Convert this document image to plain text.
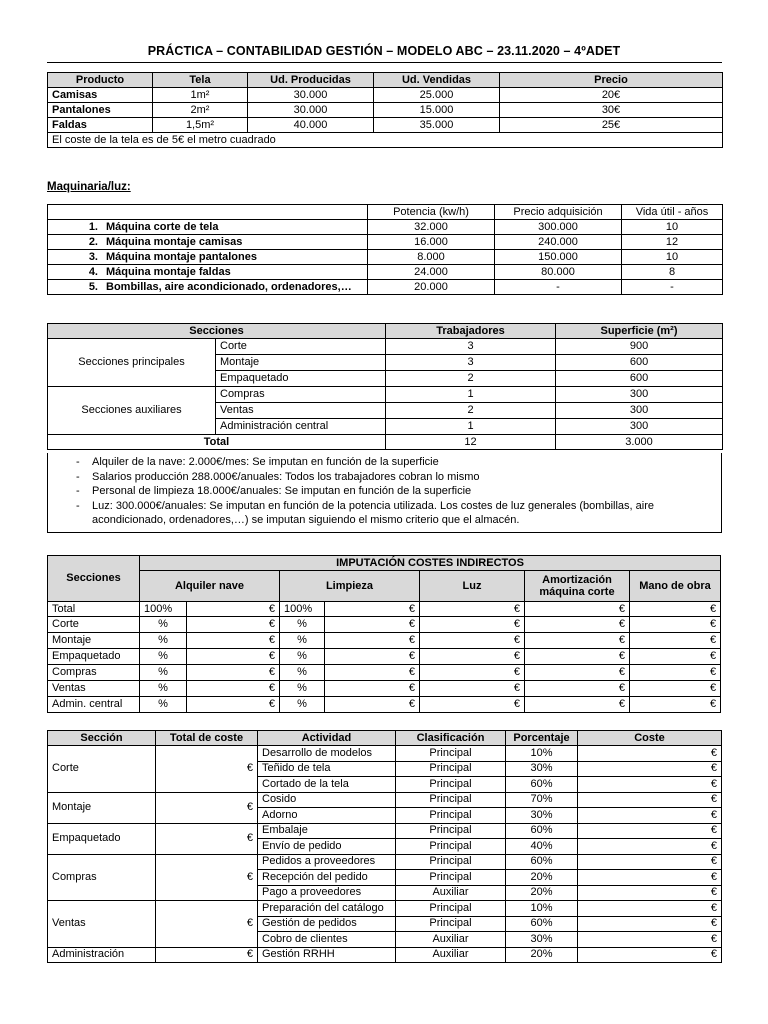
PRÁCTICA – CONTABILIDAD GESTIÓN – MODELO ABC – 23.11.2020 – 4ºADET
Producto	Tela	Ud. Producidas	Ud. Vendidas	Precio
Camisas	1m²	30.000	25.000	20€
Pantalones	2m²	30.000	15.000	30€
Faldas	1,5m²	40.000	35.000	25€
El coste de la tela es de 5€ el metro cuadrado				
Maquinaria/luz:
	Potencia (kw/h)	Precio adquisición	Vida útil - años
1. Máquina corte de tela	32.000	300.000	10
2. Máquina montaje camisas	16.000	240.000	12
3. Máquina montaje pantalones	8.000	150.000	10
4. Máquina montaje faldas	24.000	80.000	8
5. Bombillas, aire acondicionado, ordenadores,…	20.000	-	-
Secciones		Trabajadores	Superficie (m²)
Secciones principales	Corte	3	900
	Montaje	3	600
	Empaquetado	2	600
Secciones auxiliares	Compras	1	300
	Ventas	2	300
	Administración central	1	300
Total		12	3.000
- Alquiler de la nave: 2.000€/mes: Se imputan en función de la superficie
- Salarios producción 288.000€/anuales: Todos los trabajadores cobran lo mismo
- Personal de limpieza 18.000€/anuales: Se imputan en función de la superficie
- Luz: 300.000€/anuales: Se imputan en función de la potencia utilizada. Los costes de luz generales (bombillas, aire acondicionado, ordenadores,…) se imputan siguiendo el mismo criterio que el almacén.
Secciones	IMPUTACIÓN COSTES INDIRECTOS						
	Alquiler nave		Limpieza		Luz	Amortización máquina corte	Mano de obra
Total	100%	€	100%	€	€	€	€
Corte	%	€	%	€	€	€	€
Montaje	%	€	%	€	€	€	€
Empaquetado	%	€	%	€	€	€	€
Compras	%	€	%	€	€	€	€
Ventas	%	€	%	€	€	€	€
Admin. central	%	€	%	€	€	€	€
Sección	Total de coste	Actividad	Clasificación	Porcentaje	Coste
Corte	€	Desarrollo de modelos	Principal	10%	€
		Teñido de tela	Principal	30%	€
		Cortado de la tela	Principal	60%	€
Montaje	€	Cosido	Principal	70%	€
		Adorno	Principal	30%	€
Empaquetado	€	Embalaje	Principal	60%	€
		Envío de pedido	Principal	40%	€
Compras	€	Pedidos a proveedores	Principal	60%	€
		Recepción del pedido	Principal	20%	€
		Pago a proveedores	Auxiliar	20%	€
Ventas	€	Preparación del catálogo	Principal	10%	€
		Gestión de pedidos	Principal	60%	€
		Cobro de clientes	Auxiliar	30%	€
Administración	€	Gestión RRHH	Auxiliar	20%	€
